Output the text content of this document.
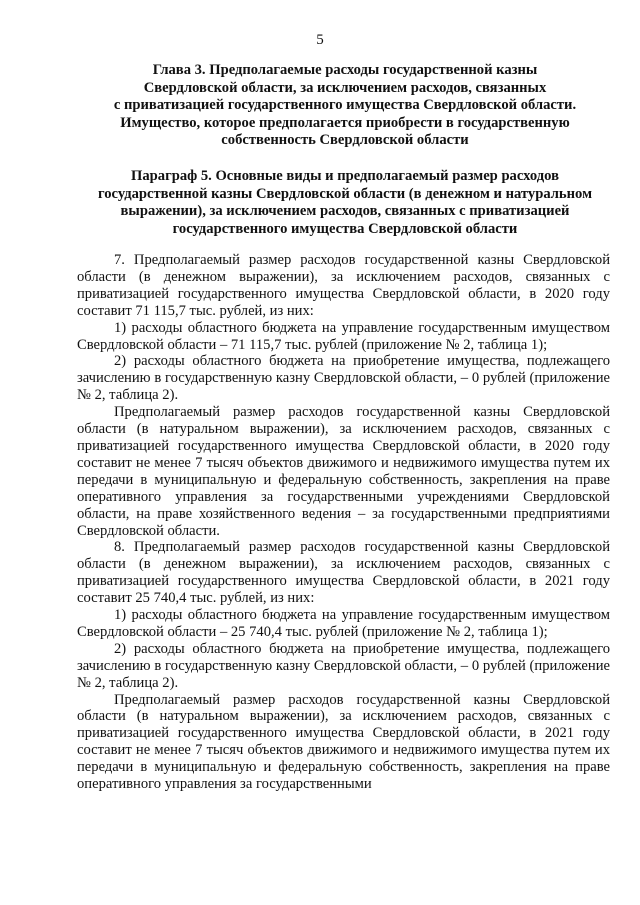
5
Глава 3. Предполагаемые расходы государственной казны
Свердловской области, за исключением расходов, связанных
с приватизацией государственного имущества Свердловской области.
Имущество, которое предполагается приобрести в государственную
собственность Свердловской области
Параграф 5. Основные виды и предполагаемый размер расходов
государственной казны Свердловской области (в денежном и натуральном
выражении), за исключением расходов, связанных с приватизацией
государственного имущества Свердловской области

7. Предполагаемый размер расходов государственной казны Свердловской области (в денежном выражении), за исключением расходов, связанных с приватизацией государственного имущества Свердловской области, в 2020 году составит 71 115,7 тыс. рублей, из них:

1) расходы областного бюджета на управление государственным имуществом Свердловской области – 71 115,7 тыс. рублей (приложение № 2, таблица 1);

2) расходы областного бюджета на приобретение имущества, подлежащего зачислению в государственную казну Свердловской области, – 0 рублей (приложение № 2, таблица 2).

Предполагаемый размер расходов государственной казны Свердловской области (в натуральном выражении), за исключением расходов, связанных с приватизацией государственного имущества Свердловской области, в 2020 году составит не менее 7 тысяч объектов движимого и недвижимого имущества путем их передачи в муниципальную и федеральную собственность, закрепления на праве оперативного управления за государственными учреждениями Свердловской области, на праве хозяйственного ведения – за государственными предприятиями Свердловской области.

8. Предполагаемый размер расходов государственной казны Свердловской области (в денежном выражении), за исключением расходов, связанных с приватизацией государственного имущества Свердловской области, в 2021 году составит 25 740,4 тыс. рублей, из них:

1) расходы областного бюджета на управление государственным имуществом Свердловской области – 25 740,4 тыс. рублей (приложение № 2, таблица 1);

2) расходы областного бюджета на приобретение имущества, подлежащего зачислению в государственную казну Свердловской области, – 0 рублей (приложение № 2, таблица 2).

Предполагаемый размер расходов государственной казны Свердловской области (в натуральном выражении), за исключением расходов, связанных с приватизацией государственного имущества Свердловской области, в 2021 году составит не менее 7 тысяч объектов движимого и недвижимого имущества путем их передачи в муниципальную и федеральную собственность, закрепления на праве оперативного управления за государственными
